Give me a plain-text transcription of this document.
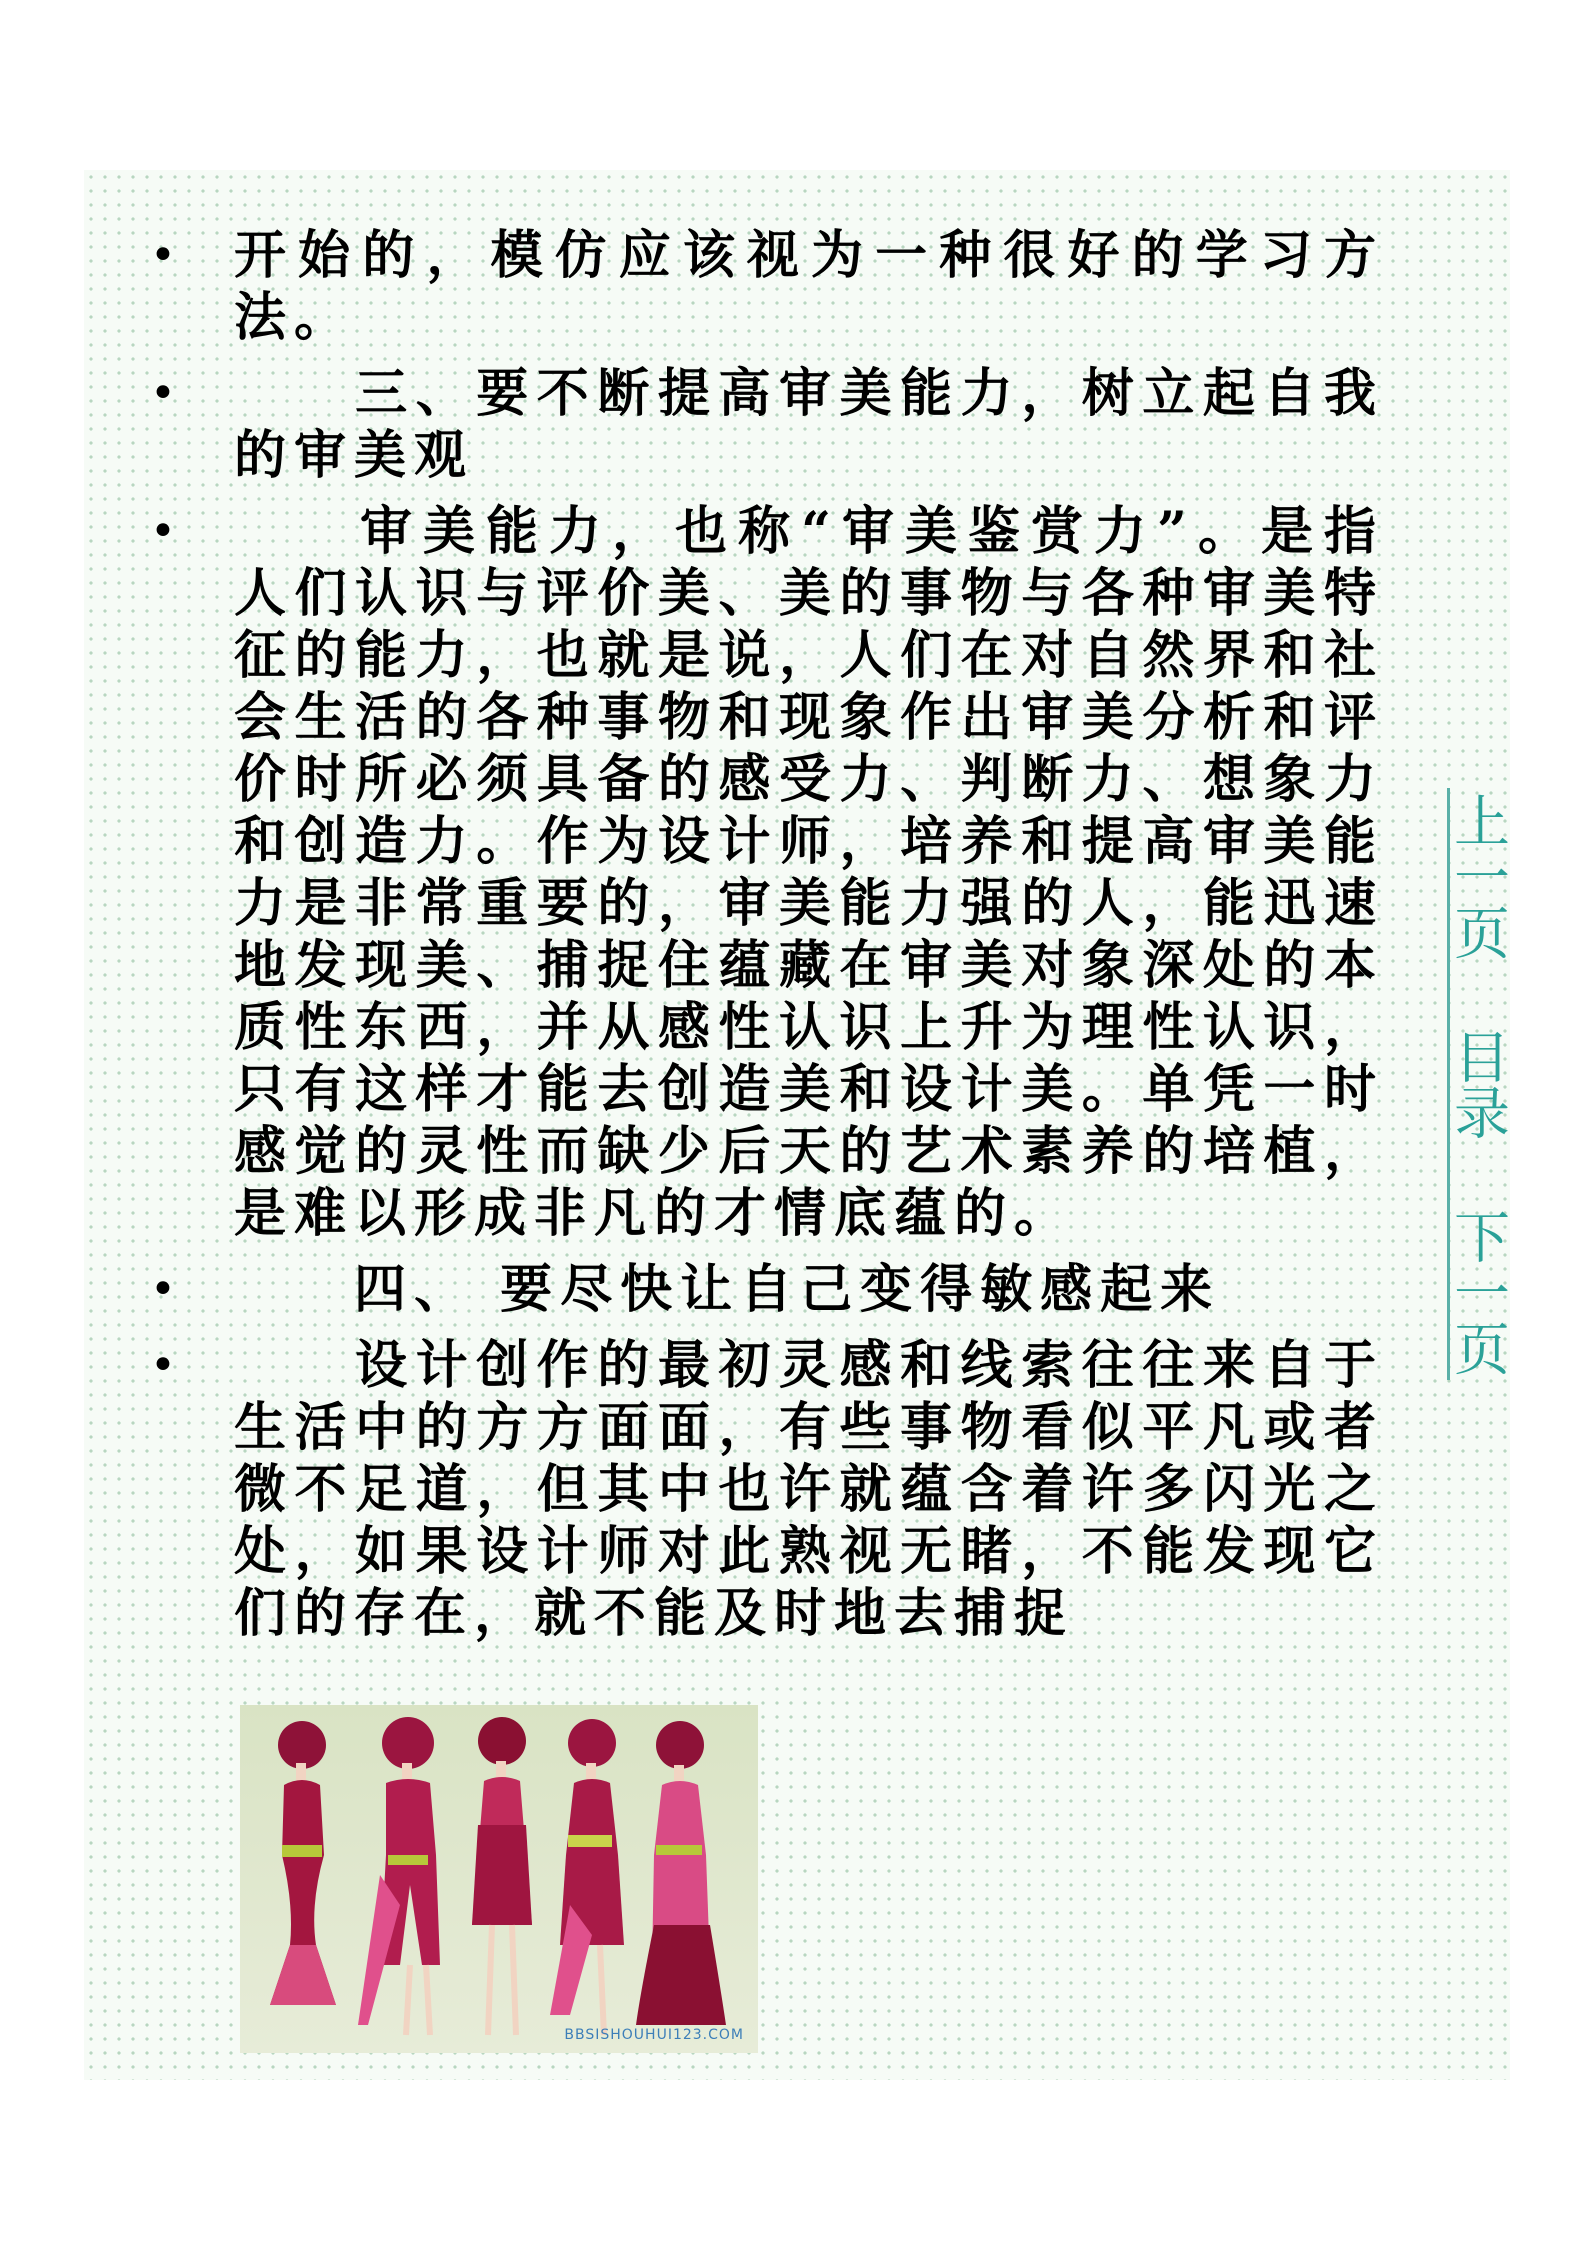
•	开始的，模仿应该视为一种很好的学习方法。

•	　　三、要不断提高审美能力，树立起自我的审美观

•	　　审美能力，也称“审美鉴赏力”。是指人们认识与评价美、美的事物与各种审美特征的能力，也就是说，人们在对自然界和社会生活的各种事物和现象作出审美分析和评价时所必须具备的感受力、判断力、想象力和创造力。作为设计师，培养和提高审美能力是非常重要的，审美能力强的人，能迅速地发现美、捕捉住蕴藏在审美对象深处的本质性东西，并从感性认识上升为理性认识，只有这样才能去创造美和设计美。单凭一时感觉的灵性而缺少后天的艺术素养的培植，是难以形成非凡的才情底蕴的。

•	　　四、 要尽快让自己变得敏感起来

•	　　设计创作的最初灵感和线索往往来自于生活中的方方面面，有些事物看似平凡或者微不足道，但其中也许就蕴含着许多闪光之处，如果设计师对此熟视无睹，不能发现它们的存在，就不能及时地去捕捉

BBSISHOUHUI123.COM
上一页
目录
下一页
